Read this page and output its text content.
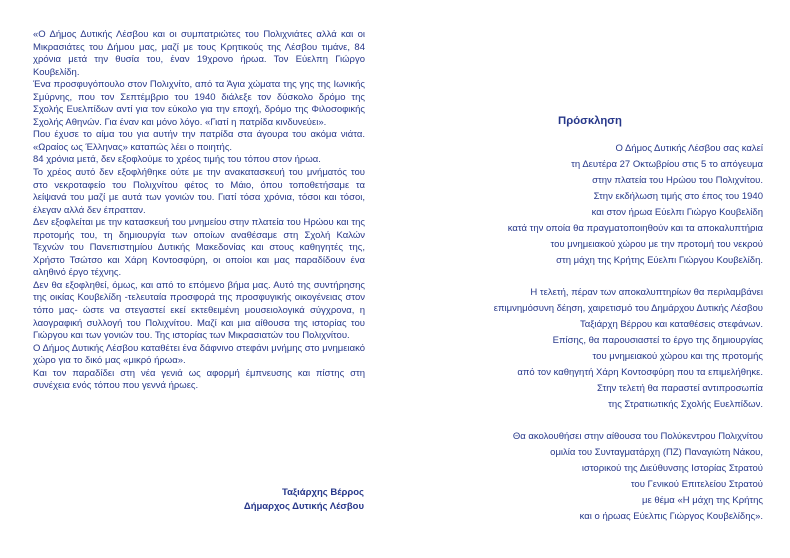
«Ο Δήμος Δυτικής Λέσβου και οι συμπατριώτες του Πολιχνιάτες αλλά και οι Μικρασιάτες του Δήμου μας, μαζί με τους Κρητικούς της Λέσβου τιμάνε, 84 χρόνια μετά την θυσία του, έναν 19χρονο ήρωα. Τον Εύελπη Γιώργο Κουβελίδη.

Ένα προσφυγόπουλο στον Πολιχνίτο, από τα Άγια χώματα της γης της Ιωνικής Σμύρνης, που τον Σεπτέμβριο του 1940 διάλεξε τον δύσκολο δρόμο της Σχολής Ευελπίδων αντί για τον εύκολο για την εποχή, δρόμο της Φιλοσοφικής Σχολής Αθηνών. Για έναν και μόνο λόγο. «Γιατί η πατρίδα κινδυνεύει».

Που έχυσε το αίμα του για αυτήν την πατρίδα στα άγουρα του ακόμα νιάτα. «Ωραίος ως Έλληνας» καταπώς λέει ο ποιητής.

84 χρόνια μετά, δεν εξοφλούμε το χρέος τιμής του τόπου στον ήρωα.

Το χρέος αυτό δεν εξοφλήθηκε ούτε με την ανακατασκευή του μνήματός του στο νεκροταφείο του Πολιχνίτου φέτος το Μάιο, όπου τοποθετήσαμε τα λείψανά του μαζί με αυτά των γονιών του. Γιατί τόσα χρόνια, τόσοι και τόσοι, έλεγαν αλλά δεν έπρατταν.

Δεν εξοφλείται με την κατασκευή του μνημείου στην πλατεία του Ηρώου και της προτομής του, τη δημιουργία των οποίων αναθέσαμε στη Σχολή Καλών Τεχνών του Πανεπιστημίου Δυτικής Μακεδονίας και στους καθηγητές της, Χρήστο Τσώτσο και Χάρη Κοντοσφύρη, οι οποίοι και μας παραδίδουν ένα αληθινό έργο τέχνης.

Δεν θα εξοφληθεί, όμως, και από το επόμενο βήμα μας. Αυτό της συντήρησης της οικίας Κουβελίδη -τελευταία προσφορά της προσφυγικής οικογένειας στον τόπο μας- ώστε να στεγαστεί εκεί εκτεθειμένη μουσειολογικά σύγχρονα, η λαογραφική συλλογή του Πολιχνίτου. Μαζί και μια αίθουσα της ιστορίας του Γιώργου και των γονιών του. Της ιστορίας των Μικρασιατών του Πολιχνίτου.

Ο Δήμος Δυτικής Λέσβου καταθέτει ένα δάφνινο στεφάνι μνήμης στο μνημειακό χώρο για το δικό μας «μικρό ήρωα».

Και τον παραδίδει στη νέα γενιά ως αφορμή έμπνευσης και πίστης στη συνέχεια ενός τόπου που γεννά ήρωες.

Ταξιάρχης Βέρρος
Δήμαρχος Δυτικής Λέσβου
Πρόσκληση
Ο Δήμος Δυτικής Λέσβου σας καλεί
τη Δευτέρα 27 Οκτωβρίου στις 5 το απόγευμα
στην πλατεία του Ηρώου του Πολιχνίτου.
Στην εκδήλωση τιμής στο έπος του 1940
και στον ήρωα Εύελπι Γιώργο Κουβελίδη
κατά την οποία θα πραγματοποιηθούν και τα αποκαλυπτήρια
του μνημειακού χώρου με την προτομή του νεκρού
στη μάχη της Κρήτης Εύελπι Γιώργου Κουβελίδη.
Η τελετή, πέραν των αποκαλυπτηρίων θα περιλαμβάνει
επιμνημόσυνη δέηση, χαιρετισμό του Δημάρχου Δυτικής Λέσβου
Ταξιάρχη Βέρρου και καταθέσεις στεφάνων.
Επίσης, θα παρουσιαστεί το έργο της δημιουργίας
του μνημειακού χώρου και της προτομής
από τον καθηγητή Χάρη Κοντοσφύρη που τα επιμελήθηκε.
Στην τελετή θα παραστεί αντιπροσωπία
της Στρατιωτικής Σχολής Ευελπίδων.
Θα ακολουθήσει στην αίθουσα του Πολύκεντρου Πολιχνίτου
ομιλία του Συνταγματάρχη (ΠΖ) Παναγιώτη Νάκου,
ιστορικού της Διεύθυνσης Ιστορίας Στρατού
του Γενικού Επιτελείου Στρατού
με θέμα «Η μάχη της Κρήτης
και ο ήρωας Εύελπις Γιώργος Κουβελίδης».
